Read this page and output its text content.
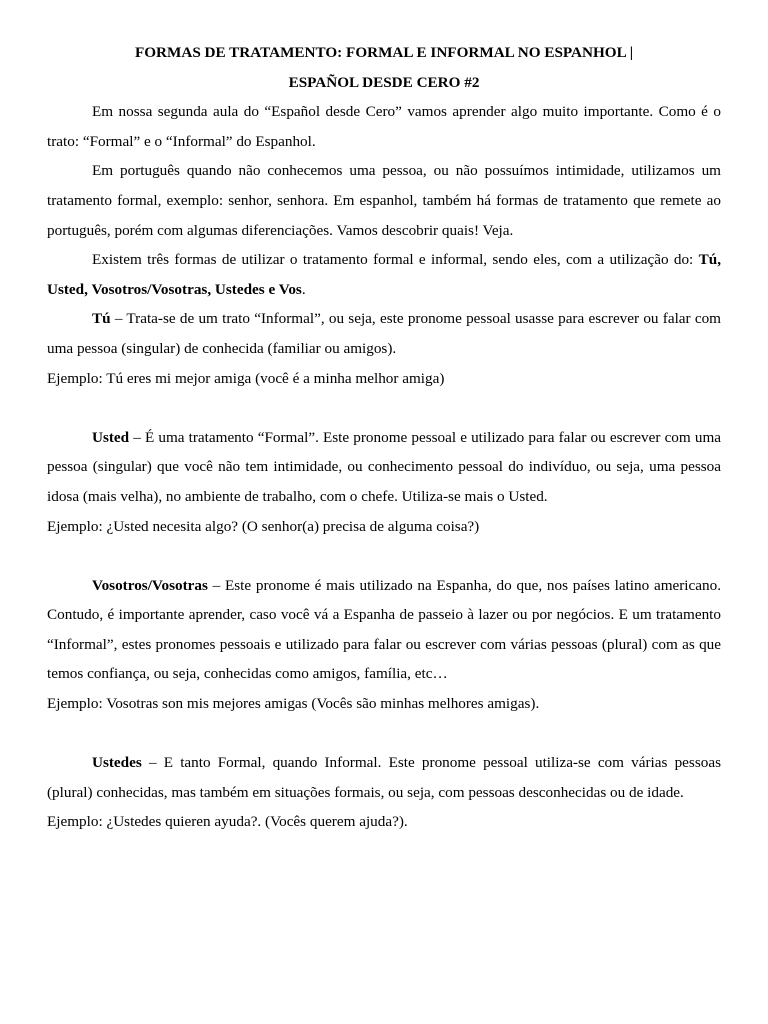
FORMAS DE TRATAMENTO: FORMAL E INFORMAL NO ESPANHOL |
ESPAÑOL DESDE CERO #2

Em nossa segunda aula do “Español desde Cero” vamos aprender algo muito importante. Como é o trato: “Formal” e o “Informal” do Espanhol.

Em português quando não conhecemos uma pessoa, ou não possuímos intimidade, utilizamos um tratamento formal, exemplo: senhor, senhora. Em espanhol, também há formas de tratamento que remete ao português, porém com algumas diferenciações. Vamos descobrir quais! Veja.

Existem três formas de utilizar o tratamento formal e informal, sendo eles, com a utilização do: Tú, Usted, Vosotros/Vosotras, Ustedes e Vos.

Tú – Trata-se de um trato “Informal”, ou seja, este pronome pessoal usasse para escrever ou falar com uma pessoa (singular) de conhecida (familiar ou amigos).

Ejemplo: Tú eres mi mejor amiga (você é a minha melhor amiga)

Usted – É uma tratamento “Formal”. Este pronome pessoal e utilizado para falar ou escrever com uma pessoa (singular) que você não tem intimidade, ou conhecimento pessoal do indivíduo, ou seja, uma pessoa idosa (mais velha), no ambiente de trabalho, com o chefe. Utiliza-se mais o Usted.

Ejemplo: ¿Usted necesita algo? (O senhor(a) precisa de alguma coisa?)

Vosotros/Vosotras – Este pronome é mais utilizado na Espanha, do que, nos países latino americano. Contudo, é importante aprender, caso você vá a Espanha de passeio à lazer ou por negócios. E um tratamento “Informal”, estes pronomes pessoais e utilizado para falar ou escrever com várias pessoas (plural) com as que temos confiança, ou seja, conhecidas como amigos, família, etc…

Ejemplo: Vosotras son mis mejores amigas (Vocês são minhas melhores amigas).

Ustedes – E tanto Formal, quando Informal. Este pronome pessoal utiliza-se com várias pessoas (plural) conhecidas, mas também em situações formais, ou seja, com pessoas desconhecidas ou de idade.

Ejemplo: ¿Ustedes quieren ayuda?. (Vocês querem ajuda?).
